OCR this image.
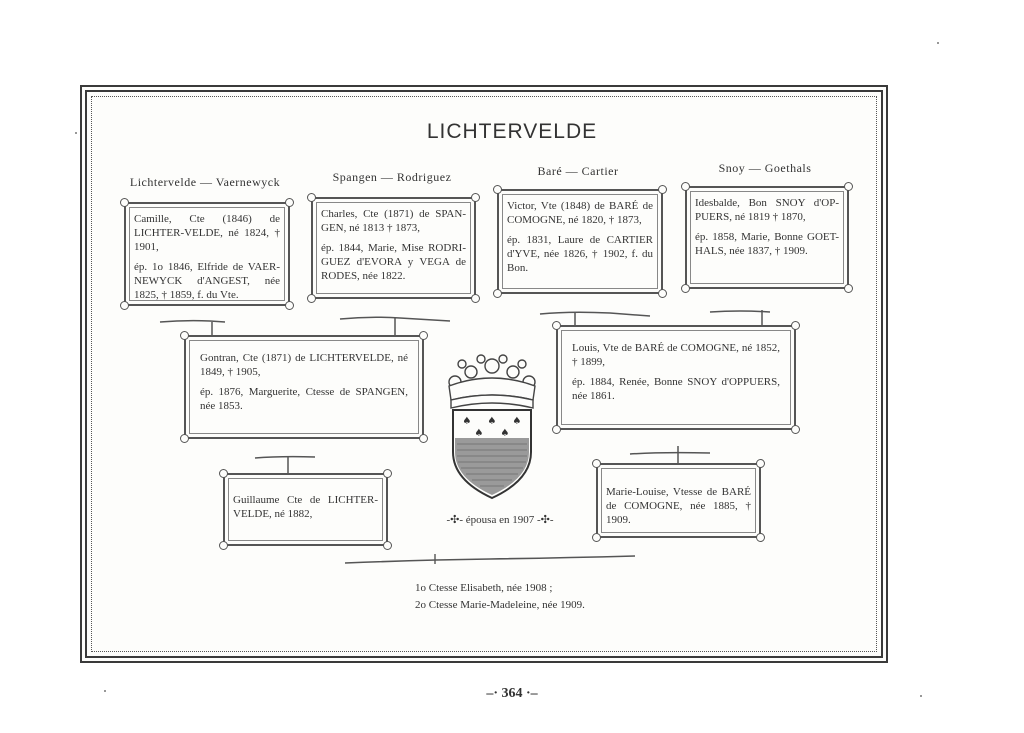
LICHTERVELDE
Lichtervelde — Vaernewyck	Spangen — Rodriguez	Baré — Cartier	Snoy — Goethals

Camille, Cte (1846) de LICHTER-VELDE, né 1824, † 1901,

ép. 1o 1846, Elfride de VAER-NEWYCK d'ANGEST, née 1825, † 1859, f. du Vte.

Charles, Cte (1871) de SPAN-GEN, né 1813 † 1873,

ép. 1844, Marie, Mise RODRI-GUEZ d'EVORA y VEGA de RODES, née 1822.

Victor, Vte (1848) de BARÉ de COMOGNE, né 1820, † 1873,

ép. 1831, Laure de CARTIER d'YVE, née 1826, † 1902, f. du Bon.

Idesbalde, Bon SNOY d'OP-PUERS, né 1819 † 1870,

ép. 1858, Marie, Bonne GOET-HALS, née 1837, † 1909.

Gontran, Cte (1871) de LICHTERVELDE, né 1849, † 1905,

ép. 1876, Marguerite, Ctesse de SPANGEN, née 1853.

Louis, Vte de BARÉ de COMOGNE, né 1852, † 1899,

ép. 1884, Renée, Bonne SNOY d'OPPUERS, née 1861.

Guillaume Cte de LICHTER-VELDE, né 1882,

Marie-Louise, Vtesse de BARÉ de COMOGNE, née 1885, † 1909.

♠ ♠ ♠
♠ ♠
-✣- épousa en 1907 -✣-
1o Ctesse Elisabeth, née 1908 ;
2o Ctesse Marie-Madeleine, née 1909.
–· 364 ·–
